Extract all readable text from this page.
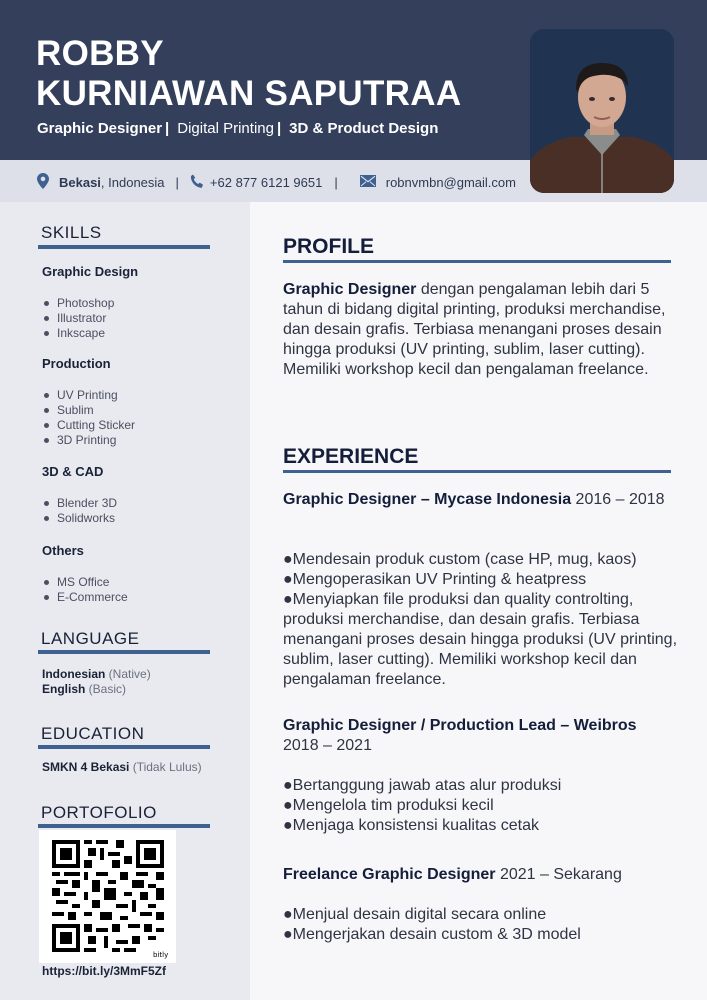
ROBBY
KURNIAWAN SAPUTRAA
Graphic Designer | Digital Printing | 3D & Product Design
Bekasi , Indonesia | +62 877 6121 9651 |	robnvmbn@gmail.com
SKILLS
Graphic Design
Photoshop
Illustrator
Inkscape
Production
UV Printing
Sublim
Cutting Sticker
3D Printing
3D & CAD
Blender 3D
Solidworks
Others
MS Office
E-Commerce
LANGUAGE
Indonesian (Native)
English (Basic)
EDUCATION
SMKN 4 Bekasi (Tidak Lulus)
PORTOFOLIO
bitly
https://bit.ly/3MmF5Zf
PROFILE
Graphic Designer dengan pengalaman lebih dari 5 tahun di bidang digital printing, produksi merchandise, dan desain grafis. Terbiasa menangani proses desain hingga produksi (UV printing, sublim, laser cutting). Memiliki workshop kecil dan pengalaman freelance.
EXPERIENCE
Graphic Designer – Mycase Indonesia 2016 – 2018
●Mendesain produk custom (case HP, mug, kaos)
●Mengoperasikan UV Printing & heatpress
●Menyiapkan file produksi dan quality controlting, produksi merchandise, dan desain grafis. Terbiasa menangani proses desain hingga produksi (UV printing, sublim, laser cutting). Memiliki workshop kecil dan pengalaman freelance.
Graphic Designer / Production Lead – Weibros
2018 – 2021
●Bertanggung jawab atas alur produksi
●Mengelola tim produksi kecil
●Menjaga konsistensi kualitas cetak
Freelance Graphic Designer 2021 – Sekarang
●Menjual desain digital secara online
●Mengerjakan desain custom & 3D model
